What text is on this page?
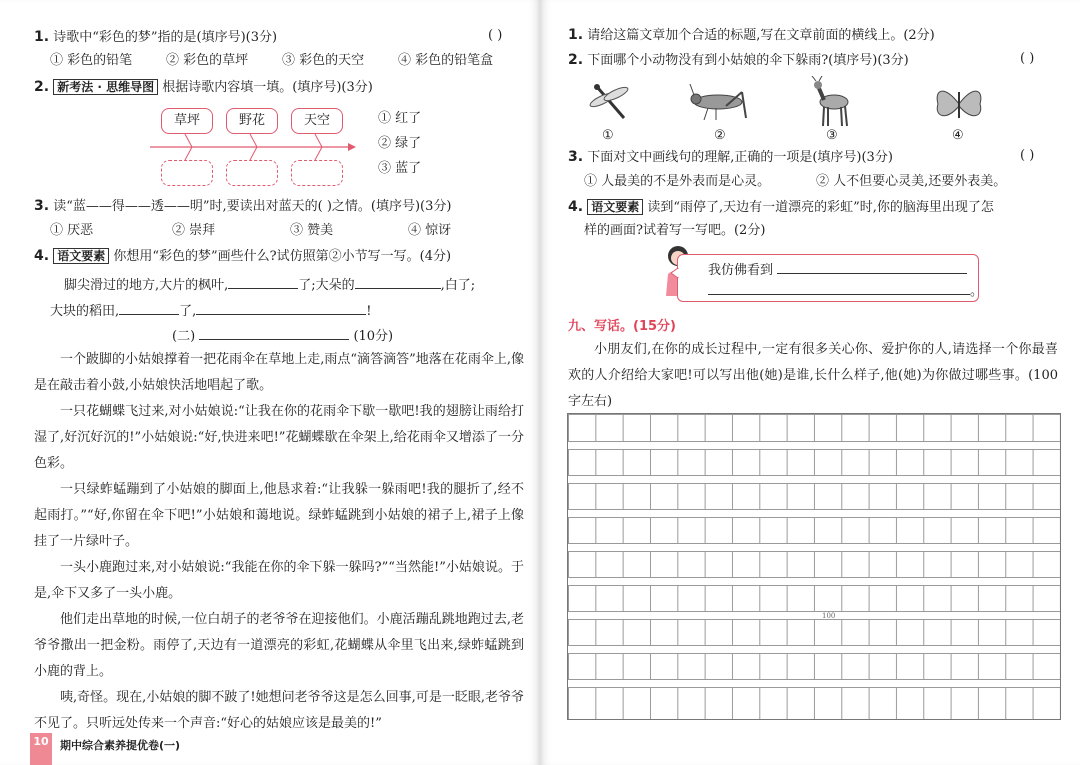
1. 诗歌中“彩色的梦”指的是(填序号)(3分)	( )
① 彩色的铅笔	② 彩色的草坪	③ 彩色的天空	④ 彩色的铅笔盒
2. 新考法 · 思维导图 根据诗歌内容填一填。(填序号)(3分)
草坪	野花	天空	① 红了
② 绿了
③ 蓝了
3. 读“蓝——得——透——明”时,要读出对蓝天的( )之情。(填序号)(3分)
① 厌恶	② 崇拜	③ 赞美	④ 惊讶
4. 语文要素 你想用“彩色的梦”画些什么?试仿照第②小节写一写。(4分)
脚尖滑过的地方,大片的枫叶,	了;大朵的	,白了;
大块的稻田,	了,	!
(二)	(10分)

一个跛脚的小姑娘撑着一把花雨伞在草地上走,雨点“滴答滴答”地落在花雨伞上,像是在敲击着小鼓,小姑娘快活地唱起了歌。

一只花蝴蝶飞过来,对小姑娘说:“让我在你的花雨伞下歇一歇吧!我的翅膀让雨给打湿了,好沉好沉的!”小姑娘说:“好,快进来吧!”花蝴蝶歇在伞架上,给花雨伞又增添了一分色彩。

一只绿蚱蜢蹦到了小姑娘的脚面上,他恳求着:“让我躲一躲雨吧!我的腿折了,经不起雨打。”“好,你留在伞下吧!”小姑娘和蔼地说。绿蚱蜢跳到小姑娘的裙子上,裙子上像挂了一片绿叶子。

一头小鹿跑过来,对小姑娘说:“我能在你的伞下躲一躲吗?”“当然能!”小姑娘说。于是,伞下又多了一头小鹿。

他们走出草地的时候,一位白胡子的老爷爷在迎接他们。小鹿活蹦乱跳地跑过去,老爷爷撒出一把金粉。雨停了,天边有一道漂亮的彩虹,花蝴蝶从伞里飞出来,绿蚱蜢跳到小鹿的背上。

咦,奇怪。现在,小姑娘的脚不跛了!她想问老爷爷这是怎么回事,可是一眨眼,老爷爷不见了。只听远处传来一个声音:“好心的姑娘应该是最美的!”

10	期中综合素养提优卷(一)
1. 请给这篇文章加个合适的标题,写在文章前面的横线上。(2分)
2. 下面哪个小动物没有到小姑娘的伞下躲雨?(填序号)(3分)	( )
①	②	③	④
3. 下面对文中画线句的理解,正确的一项是(填序号)(3分)	( )
① 人最美的不是外表而是心灵。	② 人不但要心灵美,还要外表美。
4. 语文要素 读到“雨停了,天边有一道漂亮的彩虹”时,你的脑海里出现了怎
样的画面?试着写一写吧。(2分)
我仿佛看到
。
九、写话。(15分)

小朋友们,在你的成长过程中,一定有很多关心你、爱护你的人,请选择一个你最喜欢的人介绍给大家吧!可以写出他(她)是谁,长什么样子,他(她)为你做过哪些事。(100字左右)

100
